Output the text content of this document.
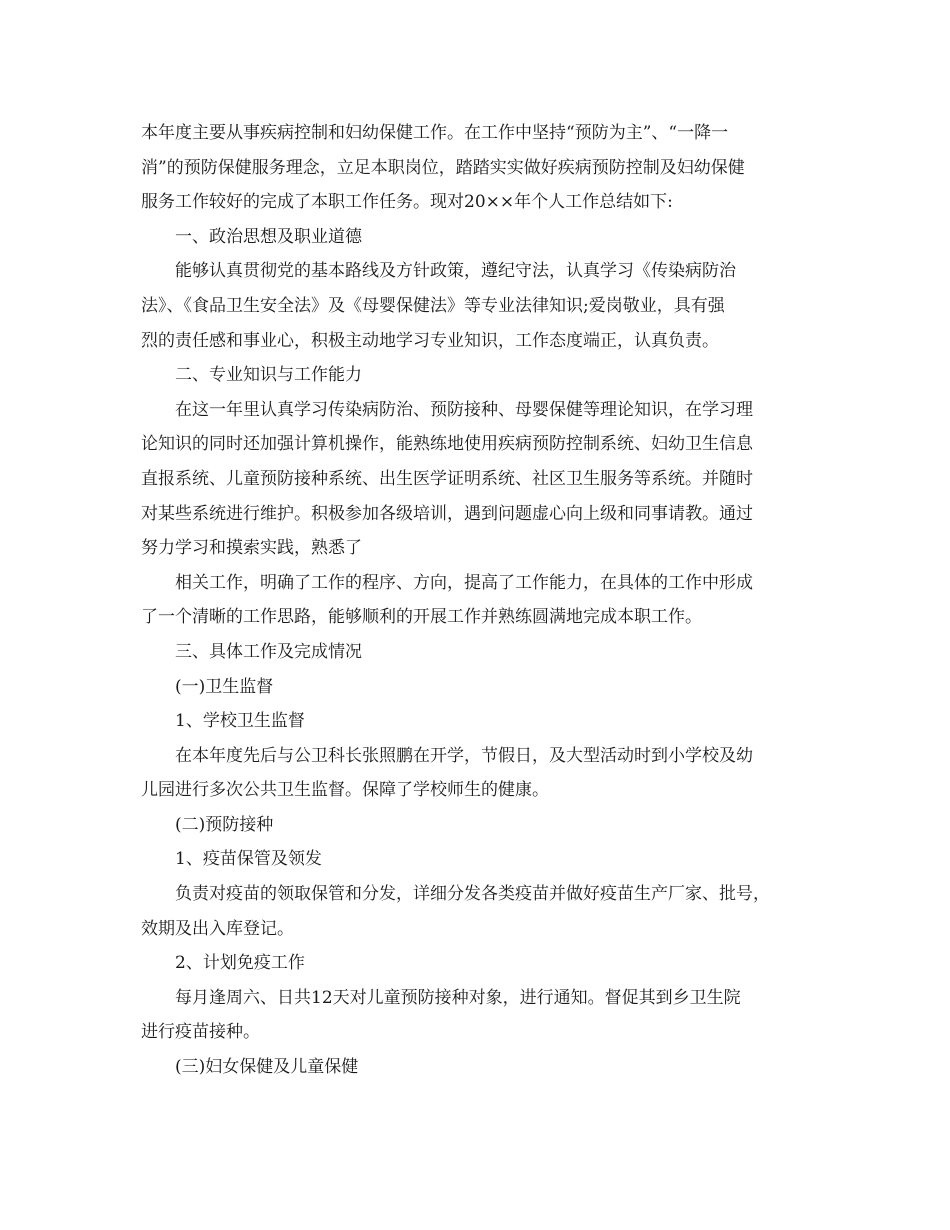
本年度主要从事疾病控制和妇幼保健工作。在工作中坚持“预防为主”、“一降一
消”的预防保健服务理念，立足本职岗位，踏踏实实做好疾病预防控制及妇幼保健
服务工作较好的完成了本职工作任务。现对20××年个人工作总结如下:
一、政治思想及职业道德
能够认真贯彻党的基本路线及方针政策，遵纪守法，认真学习《传染病防治
法》、《食品卫生安全法》及《母婴保健法》等专业法律知识;爱岗敬业，具有强
烈的责任感和事业心，积极主动地学习专业知识，工作态度端正，认真负责。
二、专业知识与工作能力
在这一年里认真学习传染病防治、预防接种、母婴保健等理论知识，在学习理
论知识的同时还加强计算机操作，能熟练地使用疾病预防控制系统、妇幼卫生信息
直报系统、儿童预防接种系统、出生医学证明系统、社区卫生服务等系统。并随时
对某些系统进行维护。积极参加各级培训，遇到问题虚心向上级和同事请教。通过
努力学习和摸索实践，熟悉了
相关工作，明确了工作的程序、方向，提高了工作能力，在具体的工作中形成
了一个清晰的工作思路，能够顺利的开展工作并熟练圆满地完成本职工作。
三、具体工作及完成情况
(一)卫生监督
1、学校卫生监督
在本年度先后与公卫科长张照鹏在开学，节假日，及大型活动时到小学校及幼
儿园进行多次公共卫生监督。保障了学校师生的健康。
(二)预防接种
1、疫苗保管及领发
负责对疫苗的领取保管和分发，详细分发各类疫苗并做好疫苗生产厂家、批号，
效期及出入库登记。
2、计划免疫工作
每月逢周六、日共12天对儿童预防接种对象，进行通知。督促其到乡卫生院
进行疫苗接种。
(三)妇女保健及儿童保健
